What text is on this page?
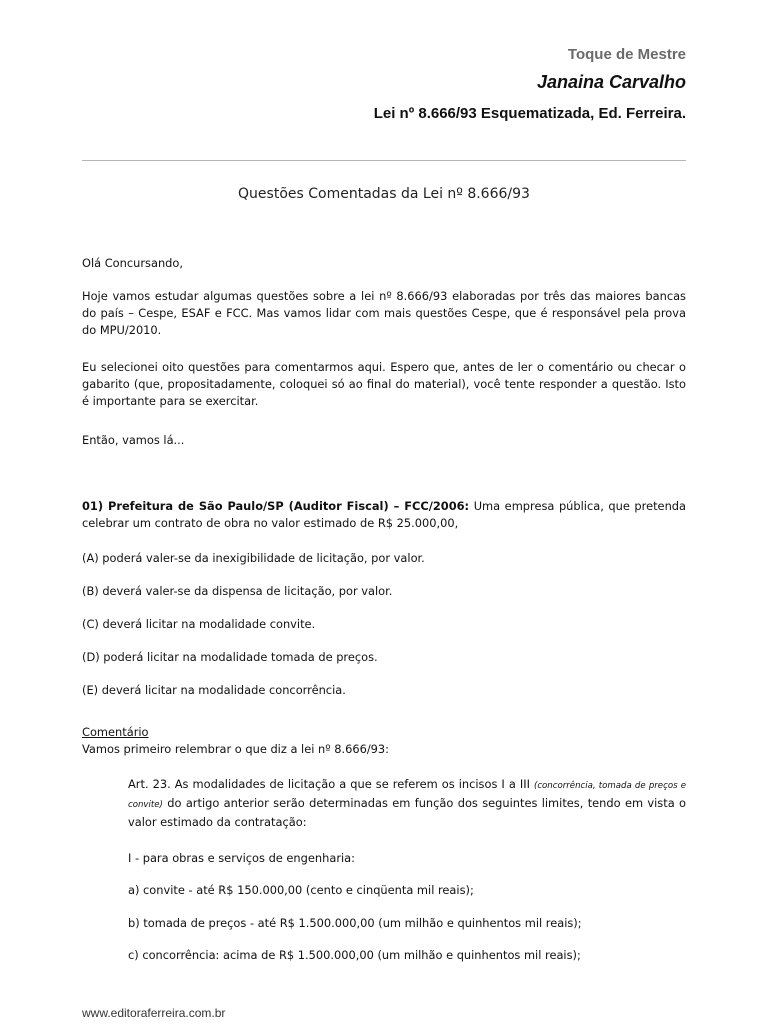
Toque de Mestre
Janaina Carvalho
Lei nº 8.666/93 Esquematizada, Ed. Ferreira.
Questões Comentadas da Lei nº 8.666/93

Olá Concursando,

Hoje vamos estudar algumas questões sobre a lei nº 8.666/93 elaboradas por três das maiores bancas do país – Cespe, ESAF e FCC. Mas vamos lidar com mais questões Cespe, que é responsável pela prova do MPU/2010.

Eu selecionei oito questões para comentarmos aqui. Espero que, antes de ler o comentário ou checar o gabarito (que, propositadamente, coloquei só ao final do material), você tente responder a questão. Isto é importante para se exercitar.

Então, vamos lá...

01) Prefeitura de São Paulo/SP (Auditor Fiscal) – FCC/2006: Uma empresa pública, que pretenda celebrar um contrato de obra no valor estimado de R$ 25.000,00,

(A) poderá valer-se da inexigibilidade de licitação, por valor.
(B) deverá valer-se da dispensa de licitação, por valor.
(C) deverá licitar na modalidade convite.
(D) poderá licitar na modalidade tomada de preços.
(E) deverá licitar na modalidade concorrência.
Comentário
Vamos primeiro relembrar o que diz a lei nº 8.666/93:
Art. 23. As modalidades de licitação a que se referem os incisos I a III (concorrência, tomada de preços e convite) do artigo anterior serão determinadas em função dos seguintes limites, tendo em vista o valor estimado da contratação:
I - para obras e serviços de engenharia:
a) convite - até R$ 150.000,00 (cento e cinqüenta mil reais);
b) tomada de preços - até R$ 1.500.000,00 (um milhão e quinhentos mil reais);
c) concorrência: acima de R$ 1.500.000,00 (um milhão e quinhentos mil reais);
www.editoraferreira.com.br
